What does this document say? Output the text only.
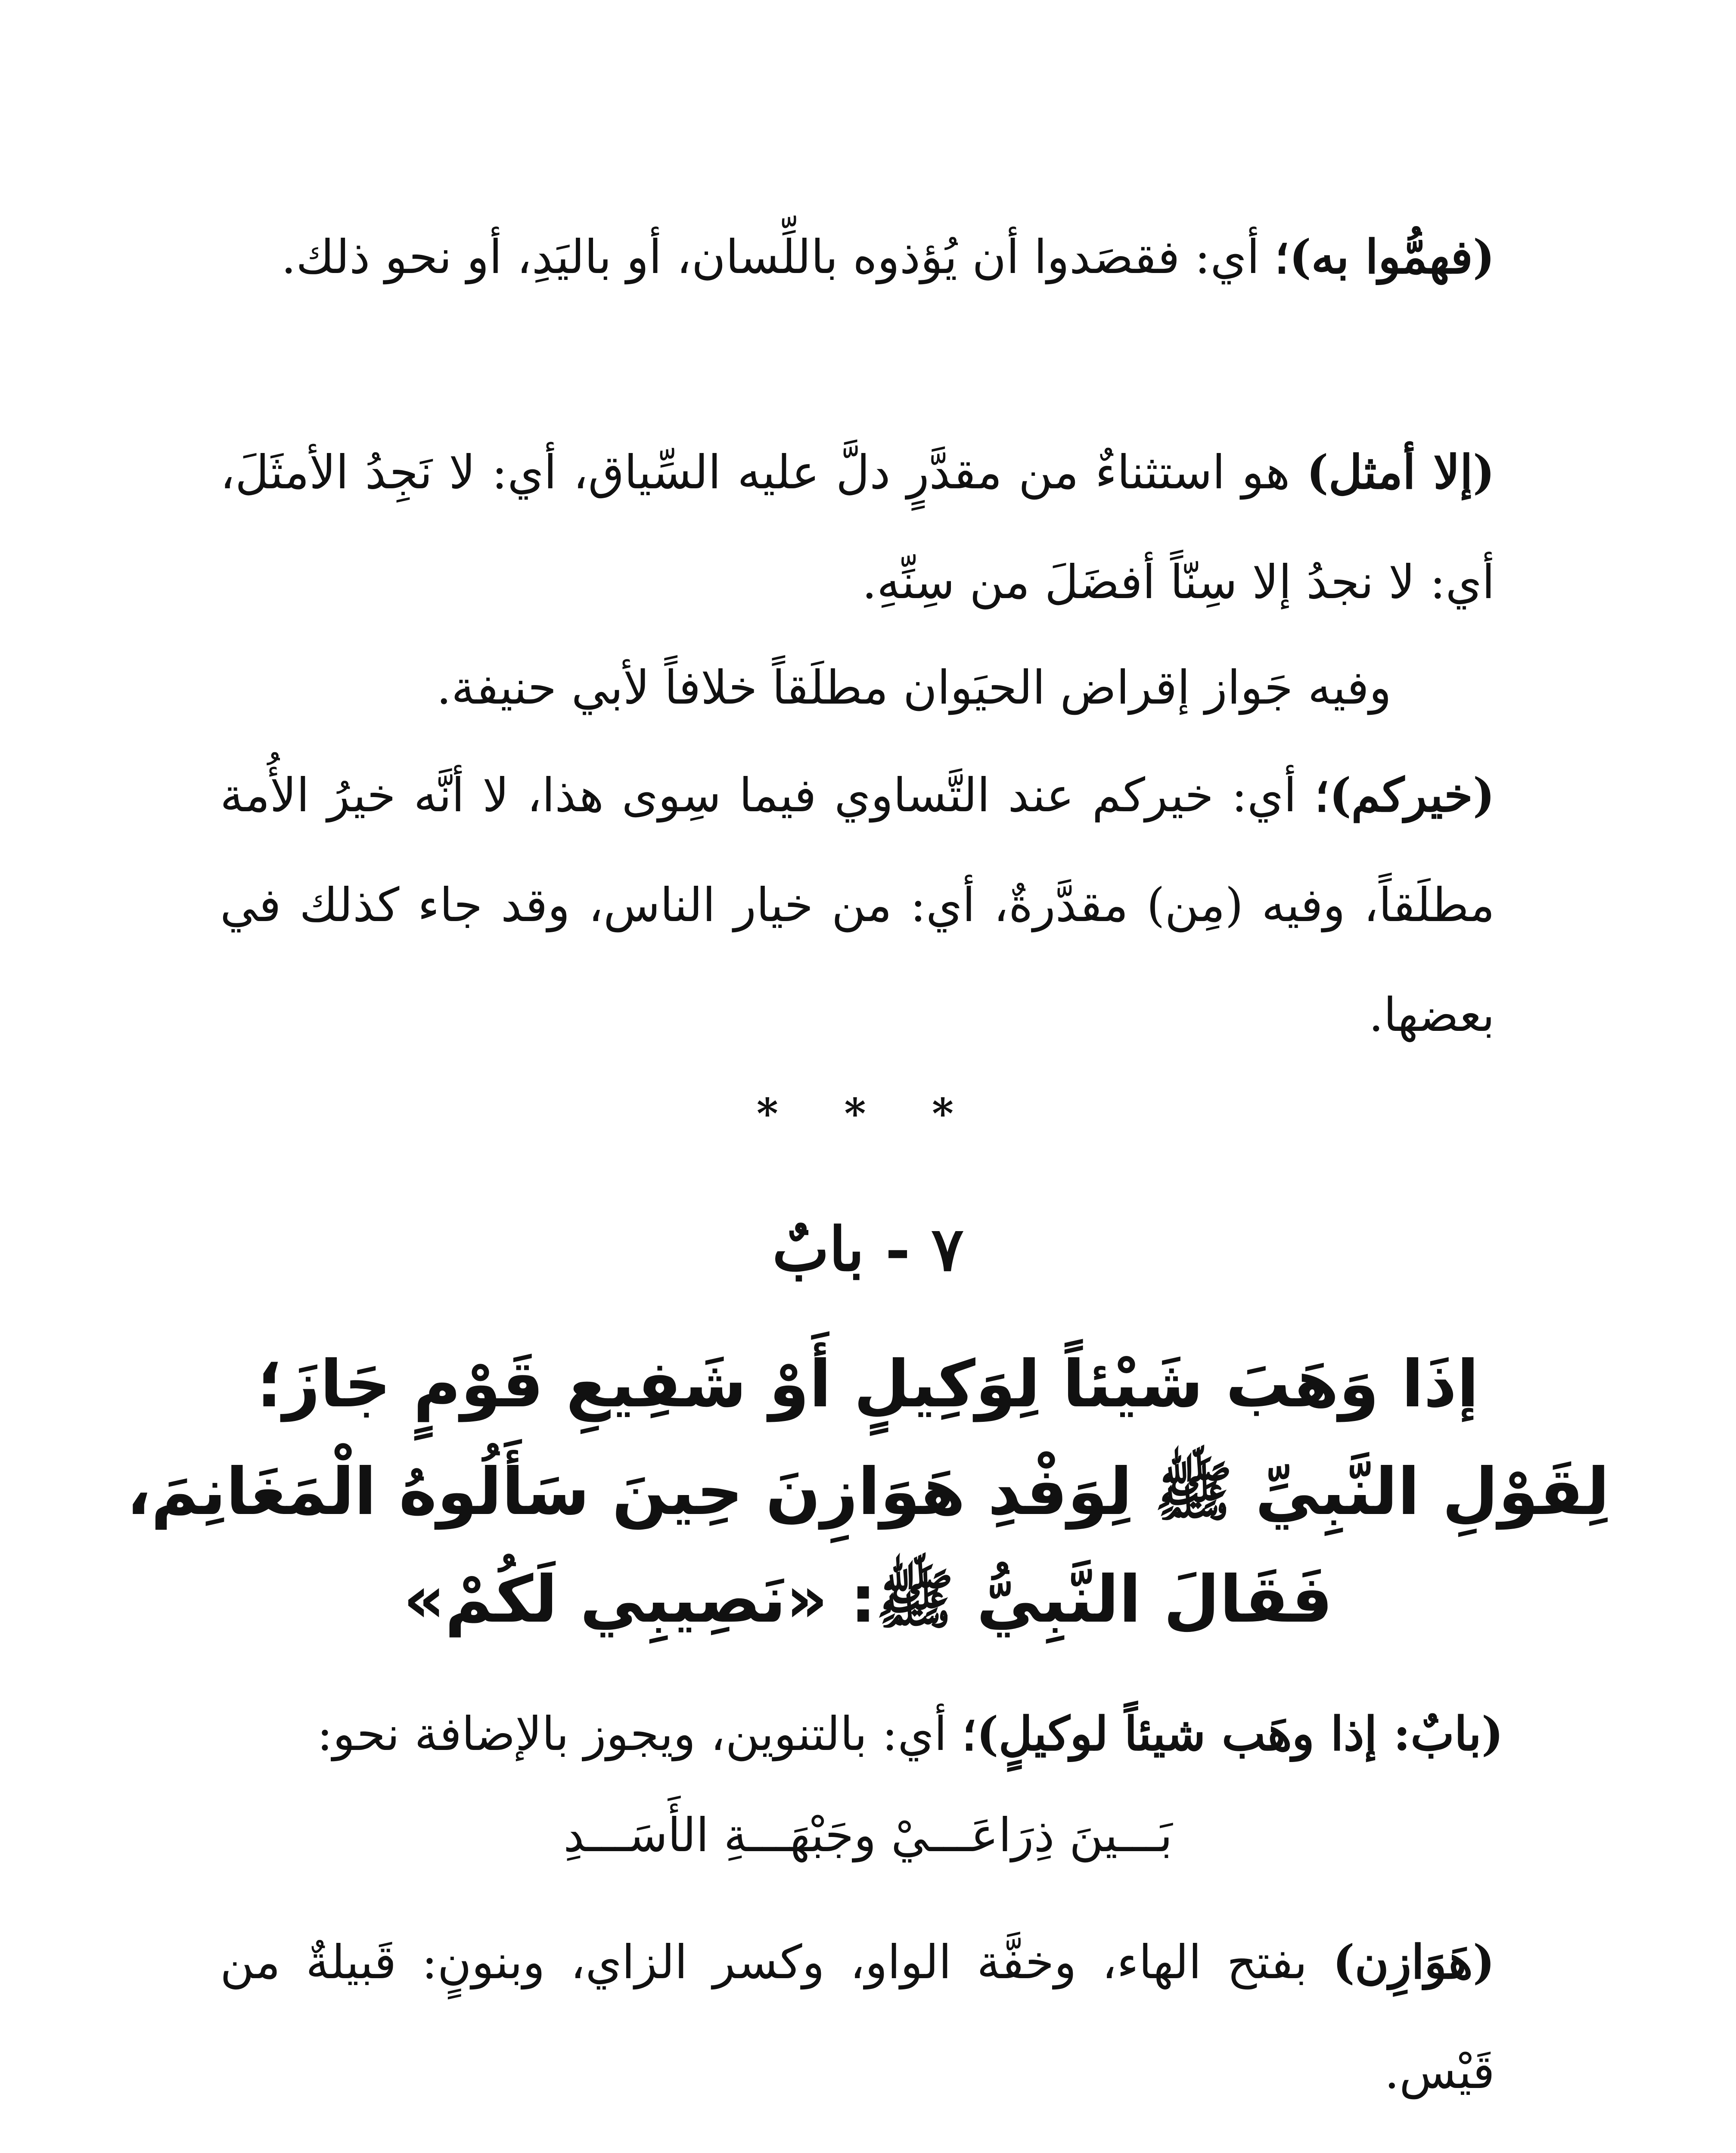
(فهمُّوا به)؛ أي: فقصَدوا أن يُؤذوه باللِّسان، أو باليَدِ، أو نحو ذلك.
(إلا أمثل) هو استثناءٌ من مقدَّرٍ دلَّ عليه السِّياق، أي: لا نَجِدُ الأمثَلَ، أي: لا نجدُ إلا سِنّاً أفضَلَ من سِنِّهِ.
وفيه جَواز إقراض الحيَوان مطلَقاً خلافاً لأبي حنيفة.
(خيركم)؛ أي: خيركم عند التَّساوي فيما سِوى هذا، لا أنَّه خيرُ الأُمة مطلَقاً، وفيه (مِن) مقدَّرةٌ، أي: من خيار الناس، وقد جاء كذلك في بعضها.
* * *
٧ - بابٌ
إذَا وَهَبَ شَيْئاً لِوَكِيلٍ أَوْ شَفِيعِ قَوْمٍ جَازَ؛
لِقَوْلِ النَّبِيِّ ﷺ لِوَفْدِ هَوَازِنَ حِينَ سَأَلُوهُ الْمَغَانِمَ،
فَقَالَ النَّبِيُّ ﷺ: «نَصِيبِي لَكُمْ»
(بابٌ: إذا وهَب شيئاً لوكيلٍ)؛ أي: بالتنوين، ويجوز بالإضافة نحو:
بَـــينَ ذِرَاعَـــيْ وجَبْهَـــةِ الأَسَـــدِ
(هَوَازِن) بفتح الهاء، وخفَّة الواو، وكسر الزاي، وبنونٍ: قَبيلةٌ من قَيْس.
